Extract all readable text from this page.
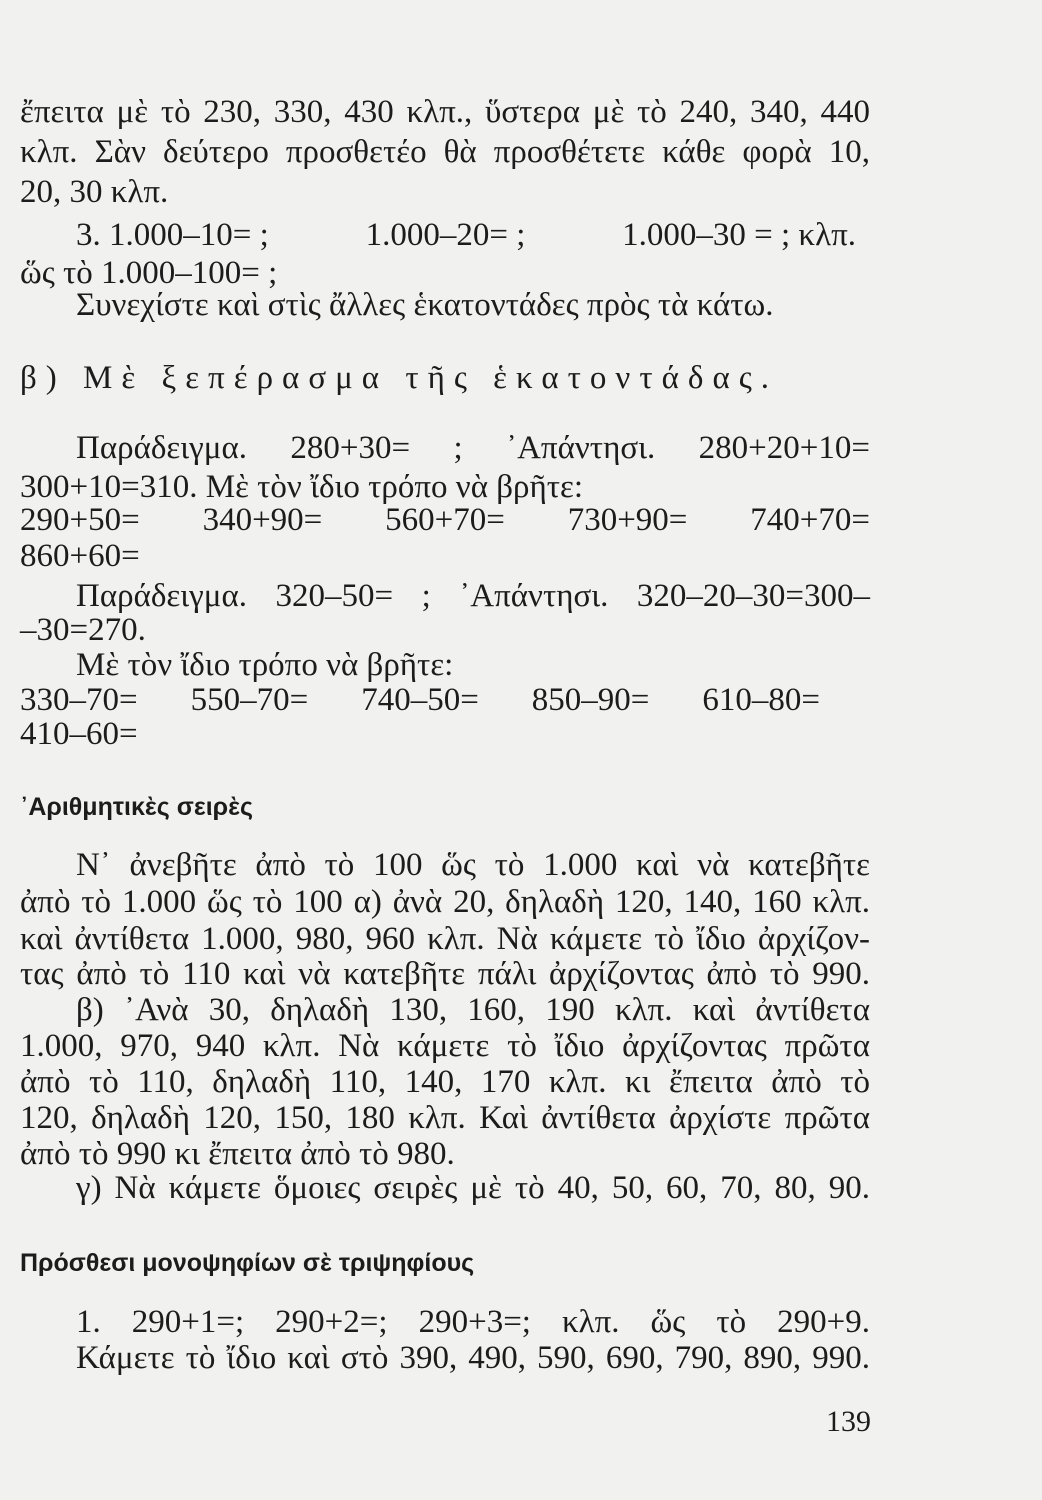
ἔπειτα μὲ τὸ 230, 330, 430 κλπ., ὕστερα μὲ τὸ 240, 340, 440
κλπ. Σὰν δεύτερο προσθετέο θὰ προσθέτετε κάθε φορὰ 10,
20, 30 κλπ.
3. 1.000–10= ;	1.000–20= ;	1.000–30 = ; κλπ.
ὥς τὸ 1.000–100= ;
Συνεχίστε καὶ στὶς ἄλλες ἑκατοντάδες πρὸς τὰ κάτω.
β) Μὲ ξεπέρασμα τῆς ἑκατοντάδας.
Παράδειγμα. 280+30= ; ᾽Απάντησι. 280+20+10=
300+10=310. Μὲ τὸν ἴδιο τρόπο νὰ βρῆτε:
290+50= 340+90= 560+70= 730+90= 740+70=
860+60=
Παράδειγμα. 320–50= ; ᾽Απάντησι. 320–20–30=300–
–30=270.
Μὲ τὸν ἴδιο τρόπο νὰ βρῆτε:
330–70= 550–70= 740–50= 850–90= 610–80=
410–60=
᾽Αριθμητικὲς σειρὲς
Ν᾽ ἀνεβῆτε ἀπὸ τὸ 100 ὥς τὸ 1.000 καὶ νὰ κατεβῆτε
ἀπὸ τὸ 1.000 ὥς τὸ 100 α) ἀνὰ 20, δηλαδὴ 120, 140, 160 κλπ.
καὶ ἀντίθετα 1.000, 980, 960 κλπ. Νὰ κάμετε τὸ ἴδιο ἀρχίζον-
τας ἀπὸ τὸ 110 καὶ νὰ κατεβῆτε πάλι ἀρχίζοντας ἀπὸ τὸ 990.
β) ᾽Ανὰ 30, δηλαδὴ 130, 160, 190 κλπ. καὶ ἀντίθετα
1.000, 970, 940 κλπ. Νὰ κάμετε τὸ ἴδιο ἀρχίζοντας πρῶτα
ἀπὸ τὸ 110, δηλαδὴ 110, 140, 170 κλπ. κι ἔπειτα ἀπὸ τὸ
120, δηλαδὴ 120, 150, 180 κλπ. Καὶ ἀντίθετα ἀρχίστε πρῶτα
ἀπὸ τὸ 990 κι ἔπειτα ἀπὸ τὸ 980.
γ) Νὰ κάμετε ὅμοιες σειρὲς μὲ τὸ 40, 50, 60, 70, 80, 90.
Πρόσθεσι μονοψηφίων σὲ τριψηφίους
1. 290+1=; 290+2=; 290+3=; κλπ. ὥς τὸ 290+9.
Κάμετε τὸ ἴδιο καὶ στὸ 390, 490, 590, 690, 790, 890, 990.
139
